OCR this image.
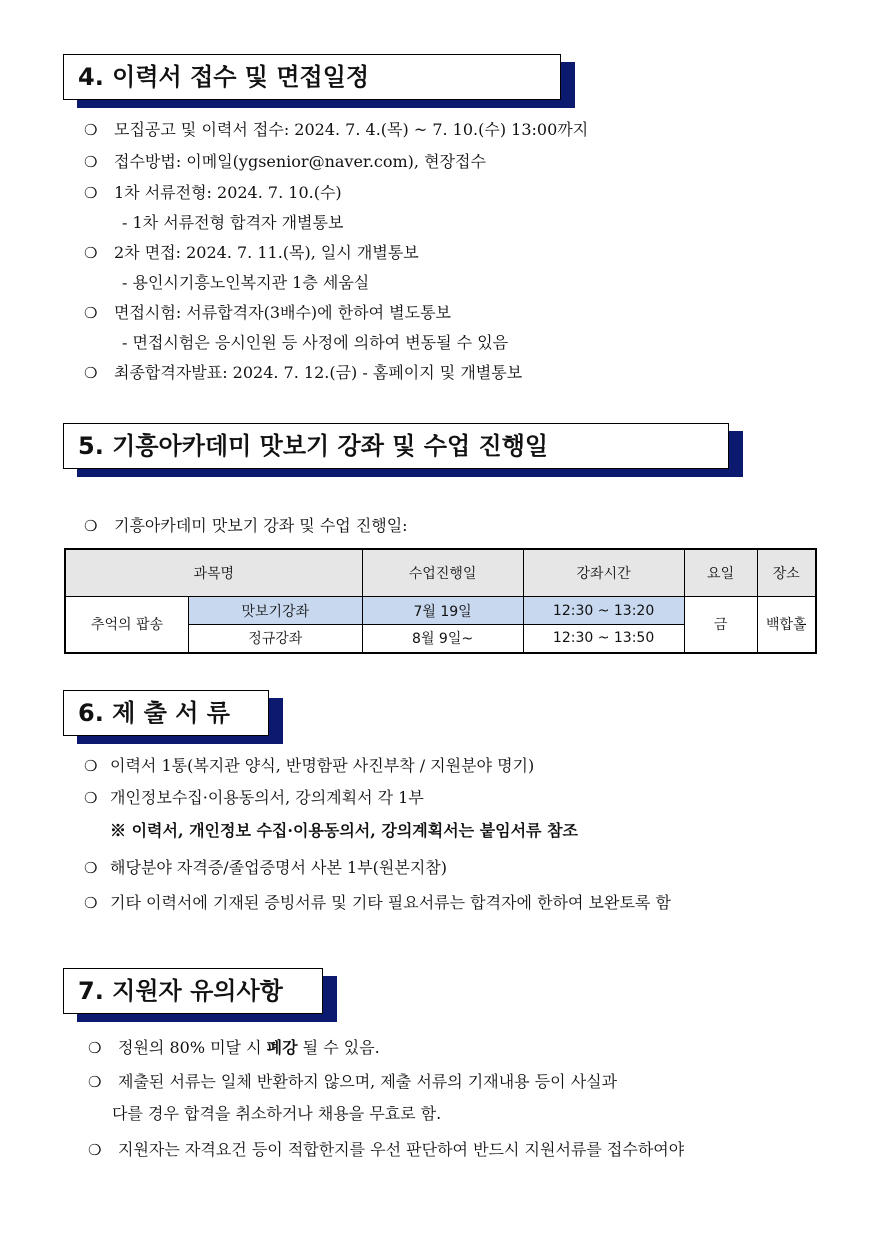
4. 이력서 접수 및 면접일정
❍ 모집공고 및 이력서 접수: 2024. 7. 4.(목) ~ 7. 10.(수) 13:00까지
❍ 접수방법: 이메일(ygsenior@naver.com), 현장접수
❍ 1차 서류전형: 2024. 7. 10.(수)
- 1차 서류전형 합격자 개별통보
❍ 2차 면접: 2024. 7. 11.(목), 일시 개별통보
- 용인시기흥노인복지관 1층 세움실
❍ 면접시험: 서류합격자(3배수)에 한하여 별도통보
- 면접시험은 응시인원 등 사정에 의하여 변동될 수 있음
❍ 최종합격자발표: 2024. 7. 12.(금) - 홈페이지 및 개별통보
5. 기흥아카데미 맛보기 강좌 및 수업 진행일
❍ 기흥아카데미 맛보기 강좌 및 수업 진행일:
과목명		수업진행일	강좌시간	요일	장소
추억의 팝송	맛보기강좌	7월 19일	12:30 ~ 13:20	금	백합홀
	정규강좌	8월 9일~	12:30 ~ 13:50		
6. 제 출 서 류
❍ 이력서 1통(복지관 양식, 반명함판 사진부착 / 지원분야 명기)
❍ 개인정보수집·이용동의서, 강의계획서 각 1부
※ 이력서, 개인정보 수집·이용동의서, 강의계획서는 붙임서류 참조
❍ 해당분야 자격증/졸업증명서 사본 1부(원본지참)
❍ 기타 이력서에 기재된 증빙서류 및 기타 필요서류는 합격자에 한하여 보완토록 함
7. 지원자 유의사항
❍ 정원의 80% 미달 시 폐강 될 수 있음.
❍ 제출된 서류는 일체 반환하지 않으며, 제출 서류의 기재내용 등이 사실과
다를 경우 합격을 취소하거나 채용을 무효로 함.
❍ 지원자는 자격요건 등이 적합한지를 우선 판단하여 반드시 지원서류를 접수하여야
